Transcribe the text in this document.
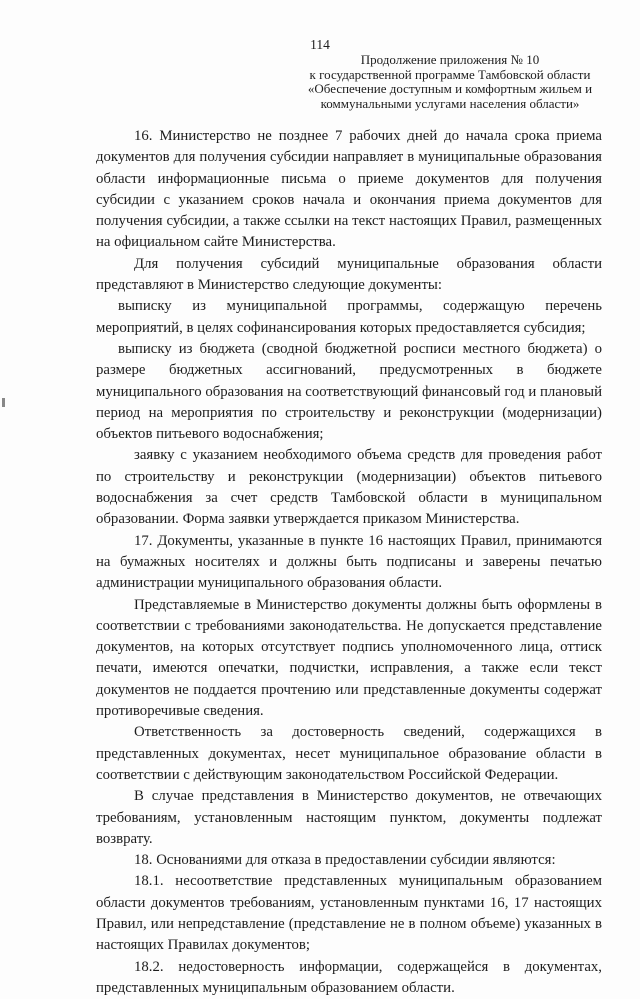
114
Продолжение приложения № 10
к государственной программе Тамбовской области
«Обеспечение доступным и комфортным жильем и
коммунальными услугами населения области»

16. Министерство не позднее 7 рабочих дней до начала срока приема документов для получения субсидии направляет в муниципальные образования области информационные письма о приеме документов для получения субсидии с указанием сроков начала и окончания приема документов для получения субсидии, а также ссылки на текст настоящих Правил, размещенных на официальном сайте Министерства.

Для получения субсидий муниципальные образования области представляют в Министерство следующие документы:

выписку из муниципальной программы, содержащую перечень мероприятий, в целях софинансирования которых предоставляется субсидия;

выписку из бюджета (сводной бюджетной росписи местного бюджета) о размере бюджетных ассигнований, предусмотренных в бюджете муниципального образования на соответствующий финансовый год и плановый период на мероприятия по строительству и реконструкции (модернизации) объектов питьевого водоснабжения;

заявку с указанием необходимого объема средств для проведения работ по строительству и реконструкции (модернизации) объектов питьевого водоснабжения за счет средств Тамбовской области в муниципальном образовании. Форма заявки утверждается приказом Министерства.

17. Документы, указанные в пункте 16 настоящих Правил, принимаются на бумажных носителях и должны быть подписаны и заверены печатью администрации муниципального образования области.

Представляемые в Министерство документы должны быть оформлены в соответствии с требованиями законодательства. Не допускается представление документов, на которых отсутствует подпись уполномоченного лица, оттиск печати, имеются опечатки, подчистки, исправления, а также если текст документов не поддается прочтению или представленные документы содержат противоречивые сведения.

Ответственность за достоверность сведений, содержащихся в представленных документах, несет муниципальное образование области в соответствии с действующим законодательством Российской Федерации.

В случае представления в Министерство документов, не отвечающих требованиям, установленным настоящим пунктом, документы подлежат возврату.

18. Основаниями для отказа в предоставлении субсидии являются:

18.1. несоответствие представленных муниципальным образованием области документов требованиям, установленным пунктами 16, 17 настоящих Правил, или непредставление (представление не в полном объеме) указанных в настоящих Правилах документов;

18.2. недостоверность информации, содержащейся в документах, представленных муниципальным образованием области.
